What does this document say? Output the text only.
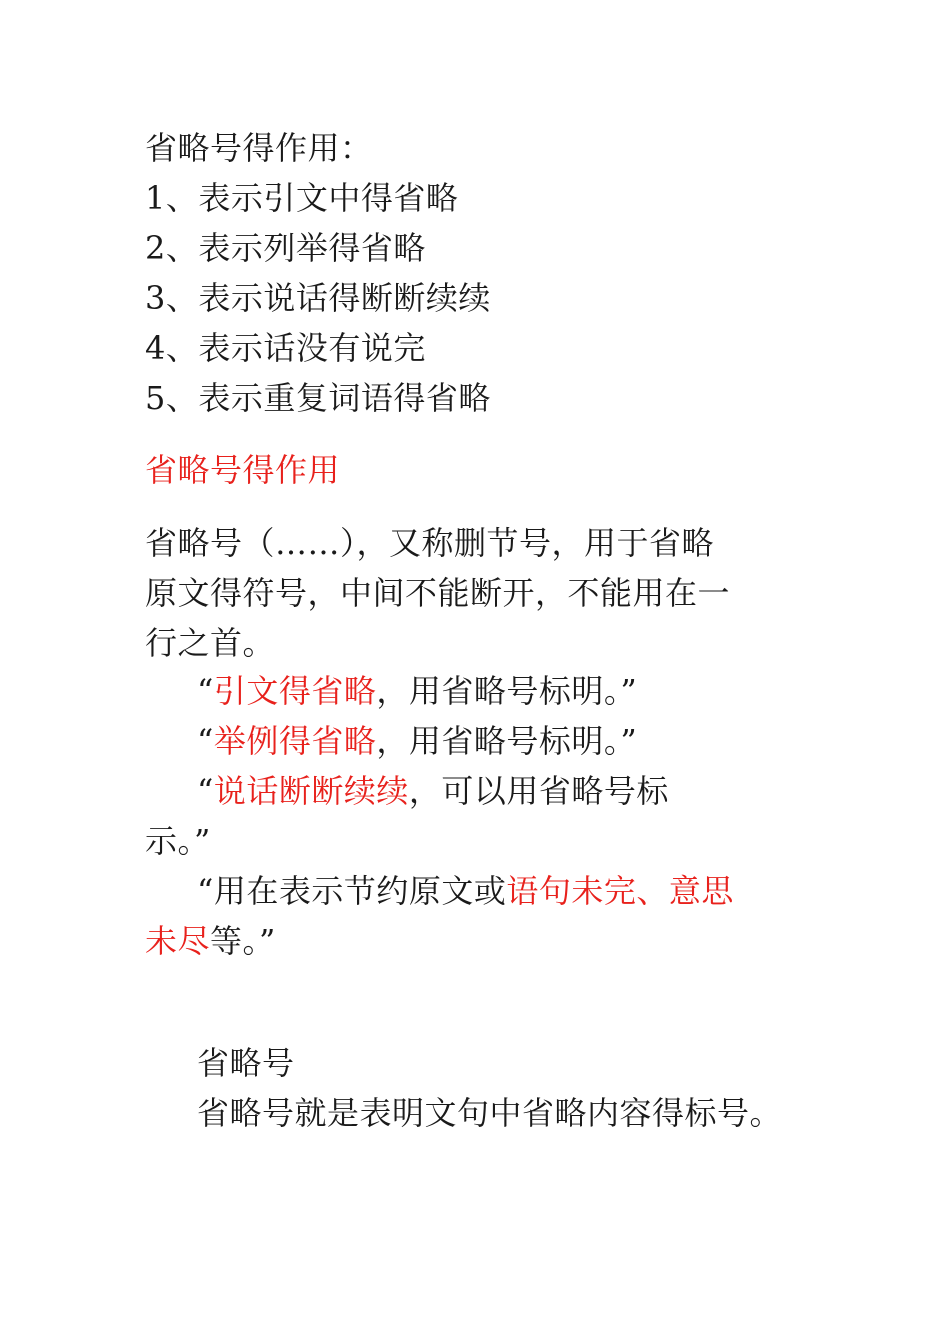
省略号得作用：
1、表示引文中得省略
2、表示列举得省略
3、表示说话得断断续续
4、表示话没有说完
5、表示重复词语得省略
省略号得作用
省略号（……），又称删节号，用于省略
原文得符号，中间不能断开，不能用在一
行之首。
“引文得省略，用省略号标明。”
“举例得省略，用省略号标明。”
“说话断断续续，可以用省略号标
示。”
“用在表示节约原文或语句未完、意思
未尽等。”
省略号
省略号就是表明文句中省略内容得标号。
